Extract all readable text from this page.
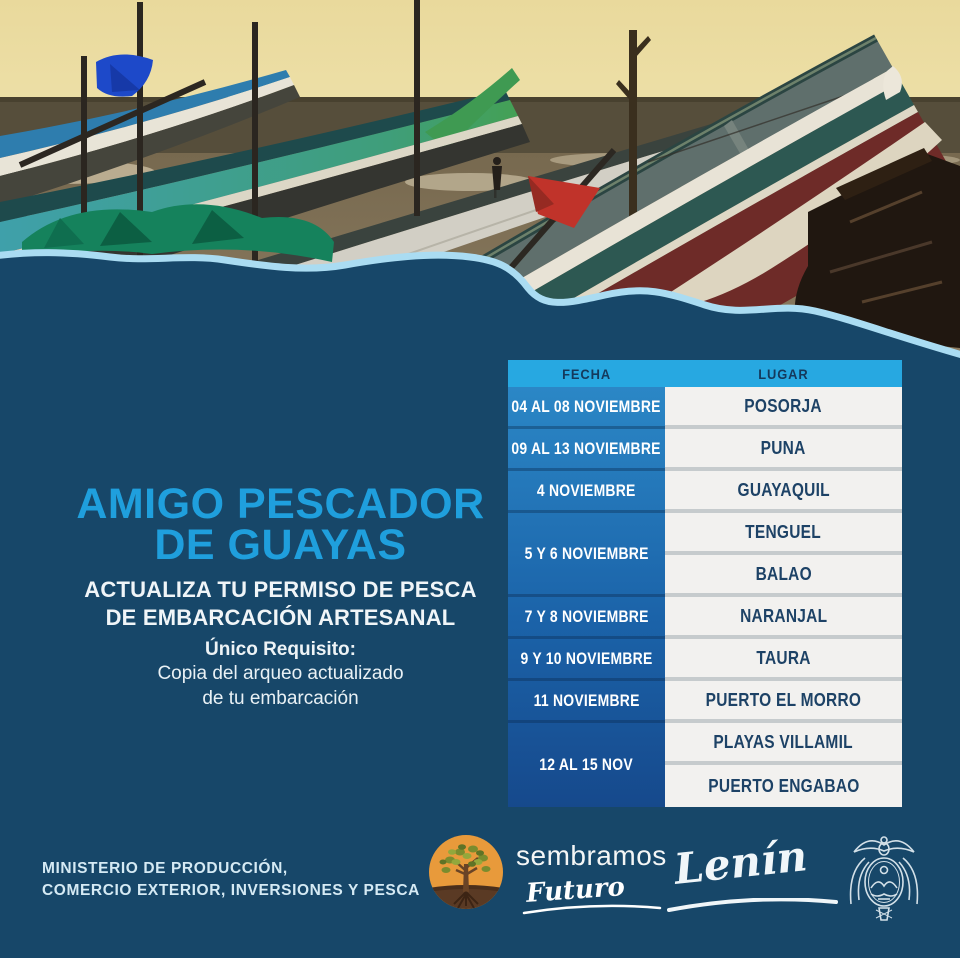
AMIGO PESCADOR
DE GUAYAS
ACTUALIZA TU PERMISO DE PESCA
DE EMBARCACIÓN ARTESANAL
Único Requisito:
Copia del arqueo actualizado
de tu embarcación
FECHA	LUGAR
04 AL 08 NOVIEMBRE
09 AL 13 NOVIEMBRE
4 NOVIEMBRE
5 Y 6 NOVIEMBRE
7 Y 8 NOVIEMBRE
9 Y 10 NOVIEMBRE
11 NOVIEMBRE
12 AL 15 NOV
POSORJA
PUNA
GUAYAQUIL
TENGUEL
BALAO
NARANJAL
TAURA
PUERTO EL MORRO
PLAYAS VILLAMIL
PUERTO ENGABAO
MINISTERIO DE PRODUCCIÓN,
COMERCIO EXTERIOR, INVERSIONES Y PESCA
sembramos
Futuro	Lenín
